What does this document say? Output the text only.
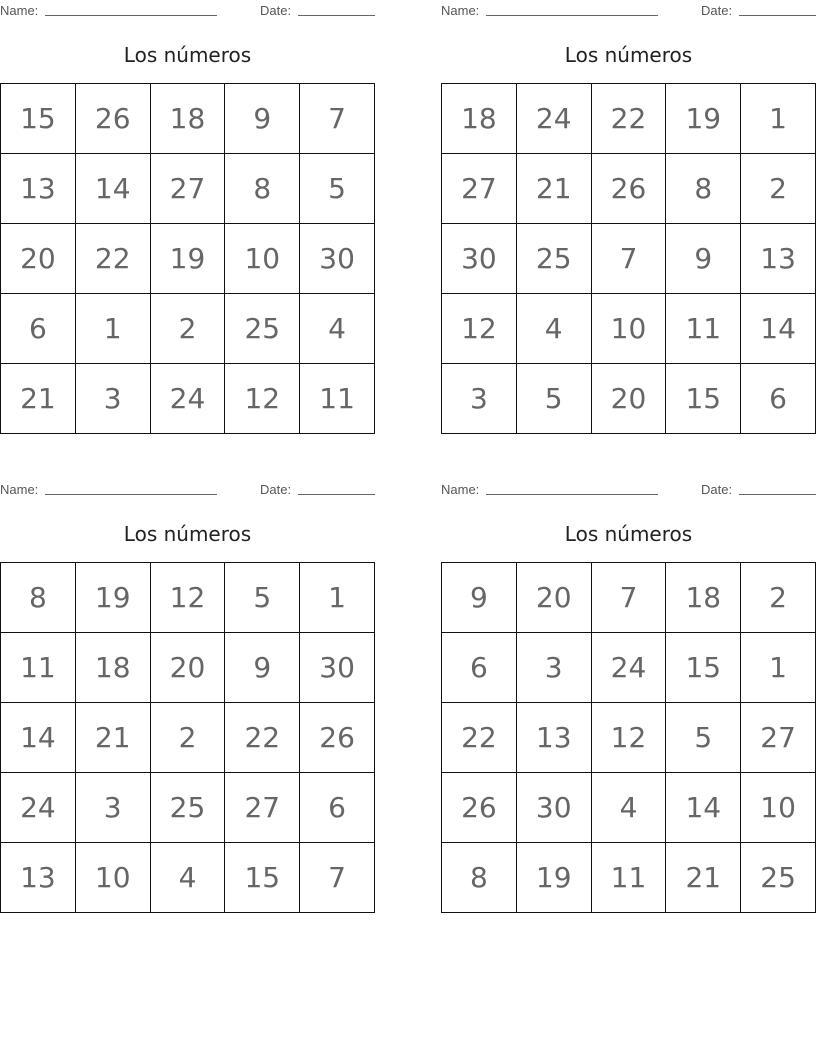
Name:	Date:
Los números
15	26	18	9	7
13	14	27	8	5
20	22	19	10	30
6	1	2	25	4
21	3	24	12	11
Name:	Date:
Los números
18	24	22	19	1
27	21	26	8	2
30	25	7	9	13
12	4	10	11	14
3	5	20	15	6
Name:	Date:
Los números
8	19	12	5	1
11	18	20	9	30
14	21	2	22	26
24	3	25	27	6
13	10	4	15	7
Name:	Date:
Los números
9	20	7	18	2
6	3	24	15	1
22	13	12	5	27
26	30	4	14	10
8	19	11	21	25
